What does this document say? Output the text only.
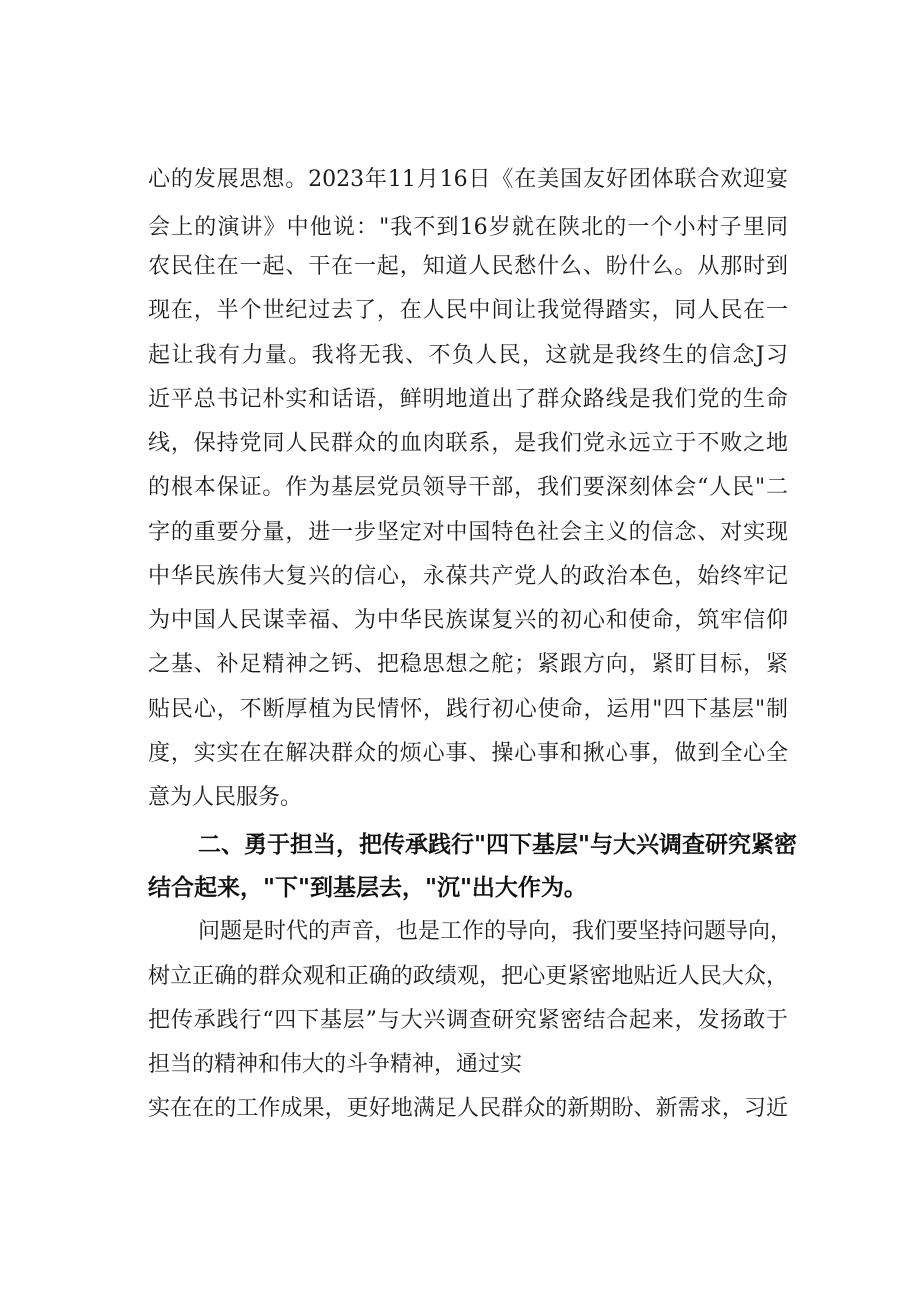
心的发展思想。2023年11月16日《在美国友好团体联合欢迎宴
会上的演讲》中他说："我不到16岁就在陕北的一个小村子里同
农民住在一起、干在一起，知道人民愁什么、盼什么。从那时到
现在，半个世纪过去了，在人民中间让我觉得踏实，同人民在一
起让我有力量。我将无我、不负人民，这就是我终生的信念J习
近平总书记朴实和话语，鲜明地道出了群众路线是我们党的生命
线，保持党同人民群众的血肉联系，是我们党永远立于不败之地
的根本保证。作为基层党员领导干部，我们要深刻体会“人民"二
字的重要分量，进一步坚定对中国特色社会主义的信念、对实现
中华民族伟大复兴的信心，永葆共产党人的政治本色，始终牢记
为中国人民谋幸福、为中华民族谋复兴的初心和使命，筑牢信仰
之基、补足精神之钙、把稳思想之舵；紧跟方向，紧盯目标，紧
贴民心，不断厚植为民情怀，践行初心使命，运用"四下基层"制
度，实实在在解决群众的烦心事、操心事和揪心事，做到全心全
意为人民服务。
二、勇于担当，把传承践行"四下基层"与大兴调查研究紧密
结合起来，"下"到基层去，"沉"出大作为。
问题是时代的声音，也是工作的导向，我们要坚持问题导向，
树立正确的群众观和正确的政绩观，把心更紧密地贴近人民大众，
把传承践行“四下基层”与大兴调查研究紧密结合起来，发扬敢于
担当的精神和伟大的斗争精神，通过实
实在在的工作成果，更好地满足人民群众的新期盼、新需求，习近
